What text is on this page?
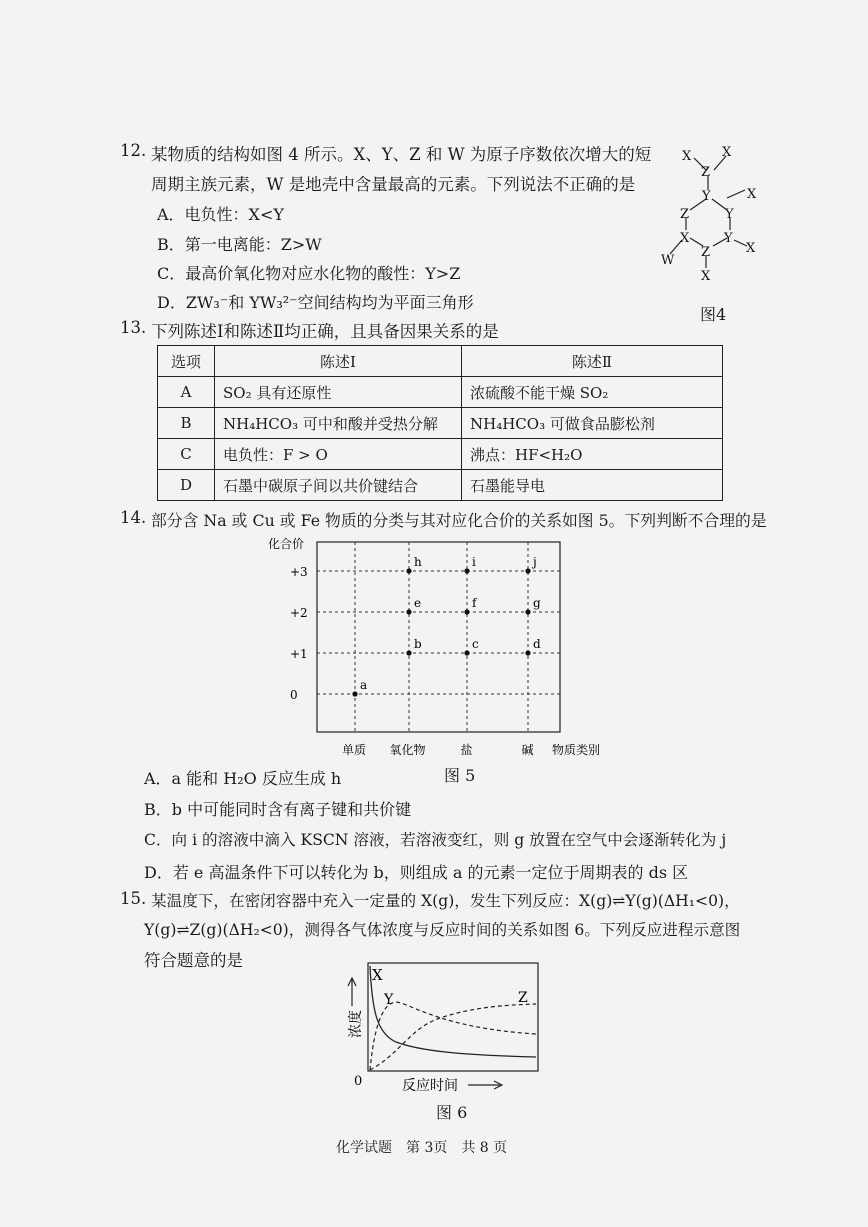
12. 某物质的结构如图 4 所示。X、Y、Z 和 W 为原子序数依次增大的短
周期主族元素，W 是地壳中含量最高的元素。下列说法不正确的是
A．电负性：X<Y
B．第一电离能：Z>W
C．最高价氧化物对应水化物的酸性：Y>Z
D．ZW₃⁻和 YW₃²⁻空间结构均为平面三角形
X
Z
X
Y	X
Z	Y
X	Y
Z	X
W
X
图4
13. 下列陈述Ⅰ和陈述Ⅱ均正确，且具备因果关系的是
选项	陈述Ⅰ	陈述Ⅱ
A	SO₂ 具有还原性	浓硫酸不能干燥 SO₂
B	NH₄HCO₃ 可中和酸并受热分解	NH₄HCO₃ 可做食品膨松剂
C	电负性：F > O	沸点：HF<H₂O
D	石墨中碳原子间以共价键结合	石墨能导电
14. 部分含 Na 或 Cu 或 Fe 物质的分类与其对应化合价的关系如图 5。下列判断不合理的是
0
+1
+2
+3
单质 氧化物	盐	碱
a
b
e
h
c
f
i
d
g
j
化合价
物质类别
图 5
A．a 能和 H₂O 反应生成 h
B．b 中可能同时含有离子键和共价键
C．向 i 的溶液中滴入 KSCN 溶液，若溶液变红，则 g 放置在空气中会逐渐转化为 j
D．若 e 高温条件下可以转化为 b，则组成 a 的元素一定位于周期表的 ds 区
15. 某温度下，在密闭容器中充入一定量的 X(g)，发生下列反应：X(g)⇌Y(g)(ΔH₁<0)，
Y(g)⇌Z(g)(ΔH₂<0)，测得各气体浓度与反应时间的关系如图 6。下列反应进程示意图
符合题意的是
X
Y	Z
0
浓度
反应时间
图 6
化学试题　第 3页　共 8 页
